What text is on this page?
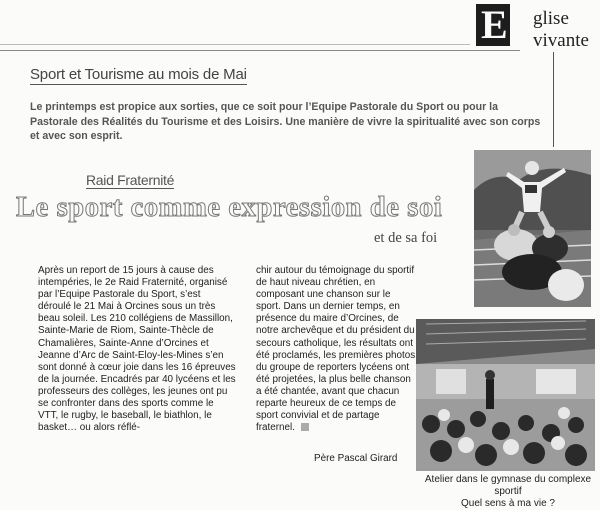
E glise vivante
Sport et Tourisme au mois de Mai
Le printemps est propice aux sorties, que ce soit pour l’Equipe Pastorale du Sport ou pour la Pastorale des Réalités du Tourisme et des Loisirs. Une manière de vivre la spiritualité avec son corps et avec son esprit.
Raid Fraternité
Le sport comme expression de soi
et de sa foi
Après un report de 15 jours à cause des intempéries, le 2e Raid Fraternité, organisé par l’Equipe Pastorale du Sport, s’est déroulé le 21 Mai à Orcines sous un très beau soleil. Les 210 collégiens de Massillon, Sainte-Marie de Riom, Sainte-Thècle de Chamalières, Sainte-Anne d’Orcines et Jeanne d’Arc de Saint-Eloy-les-Mines s’en sont donné à cœur joie dans les 16 épreuves de la journée. Encadrés par 40 lycéens et les professeurs des collèges, les jeunes ont pu se confronter dans des sports comme le VTT, le rugby, le baseball, le biathlon, le basket… ou alors réflé-
chir autour du témoignage du sportif de haut niveau chrétien, en composant une chanson sur le sport. Dans un dernier temps, en présence du maire d’Orcines, de notre archevêque et du président du secours catholique, les résultats ont été proclamés, les premières photos du groupe de reporters lycéens ont été projetées, la plus belle chanson a été chantée, avant que chacun reparte heureux de ce temps de sport convivial et de partage fraternel.
Père Pascal Girard
Atelier dans le gymnase du complexe sportif
Quel sens à ma vie ?
